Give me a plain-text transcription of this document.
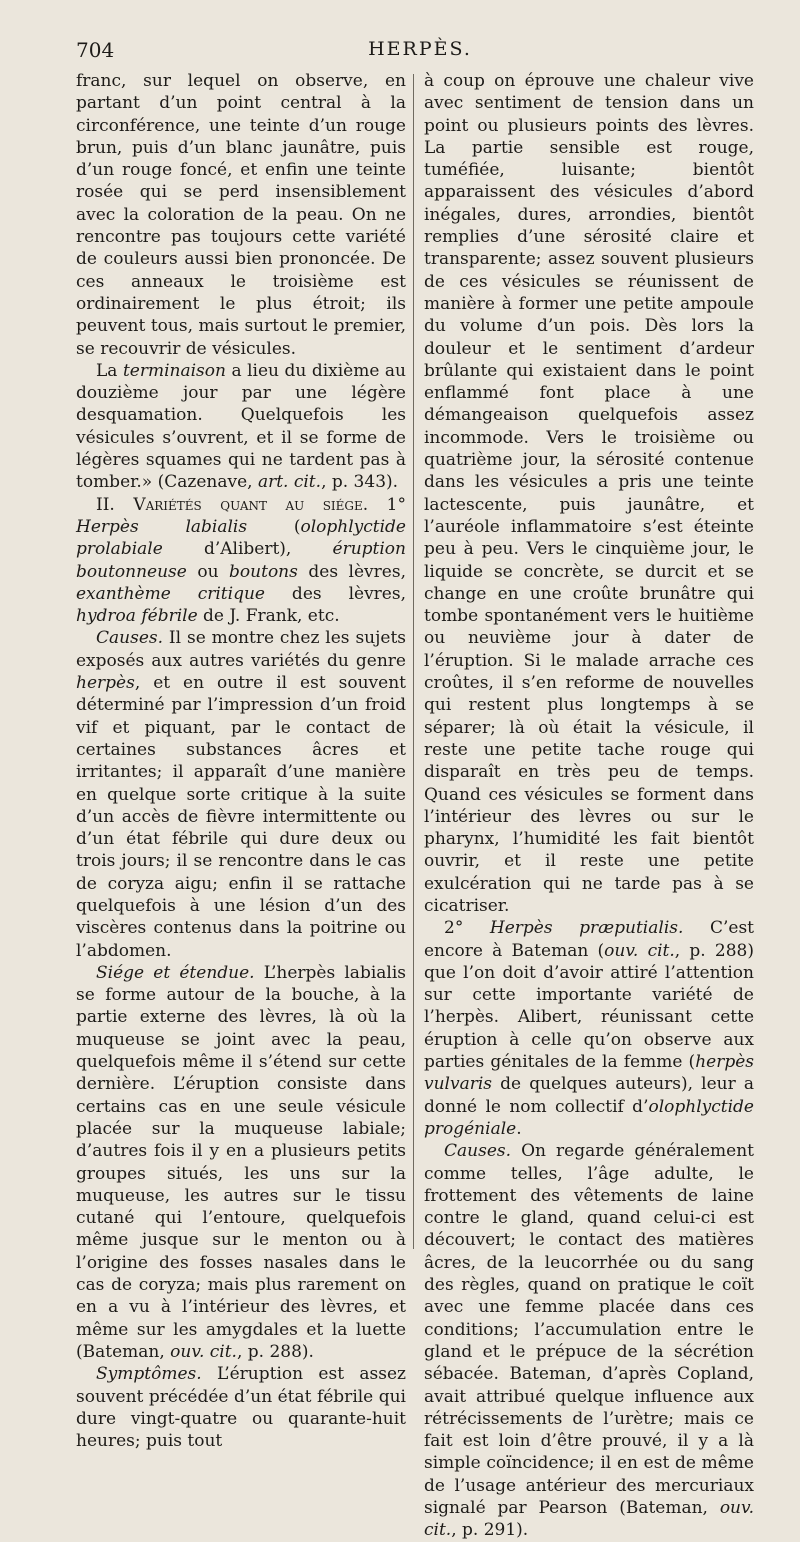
704	HERPÈS.

franc, sur lequel on observe, en partant d’un point central à la circonférence, une teinte d’un rouge brun, puis d’un blanc jaunâtre, puis d’un rouge foncé, et enfin une teinte rosée qui se perd insensiblement avec la coloration de la peau. On ne rencontre pas toujours cette variété de couleurs aussi bien prononcée. De ces anneaux le troisième est ordinairement le plus étroit; ils peuvent tous, mais surtout le premier, se recouvrir de vésicules.

La terminaison a lieu du dixième au douzième jour par une légère desquamation. Quelquefois les vésicules s’ouvrent, et il se forme de légères squames qui ne tardent pas à tomber.» (Cazenave, art. cit., p. 343).

II. Variétés quant au siége. 1° Herpès labialis (olophlyctide prolabiale d’Alibert), éruption boutonneuse ou boutons des lèvres, exanthème critique des lèvres, hydroa fébrile de J. Frank, etc.

Causes. Il se montre chez les sujets exposés aux autres variétés du genre herpès, et en outre il est souvent déterminé par l’impression d’un froid vif et piquant, par le contact de certaines substances âcres et irritantes; il apparaît d’une manière en quelque sorte critique à la suite d’un accès de fièvre intermittente ou d’un état fébrile qui dure deux ou trois jours; il se rencontre dans le cas de coryza aigu; enfin il se rattache quelquefois à une lésion d’un des viscères contenus dans la poitrine ou l’abdomen.

Siége et étendue. L’herpès labialis se forme autour de la bouche, à la partie externe des lèvres, là où la muqueuse se joint avec la peau, quelquefois même il s’étend sur cette dernière. L’éruption consiste dans certains cas en une seule vésicule placée sur la muqueuse labiale; d’autres fois il y en a plusieurs petits groupes situés, les uns sur la muqueuse, les autres sur le tissu cutané qui l’entoure, quelquefois même jusque sur le menton ou à l’origine des fosses nasales dans le cas de coryza; mais plus rarement on en a vu à l’intérieur des lèvres, et même sur les amygdales et la luette (Bateman, ouv. cit., p. 288).

Symptômes. L’éruption est assez souvent précédée d’un état fébrile qui dure vingt-quatre ou quarante-huit heures; puis tout

à coup on éprouve une chaleur vive avec sentiment de tension dans un point ou plusieurs points des lèvres. La partie sensible est rouge, tuméfiée, luisante; bientôt apparaissent des vésicules d’abord inégales, dures, arrondies, bientôt remplies d’une sérosité claire et transparente; assez souvent plusieurs de ces vésicules se réunissent de manière à former une petite ampoule du volume d’un pois. Dès lors la douleur et le sentiment d’ardeur brûlante qui existaient dans le point enflammé font place à une démangeaison quelquefois assez incommode. Vers le troisième ou quatrième jour, la sérosité contenue dans les vésicules a pris une teinte lactescente, puis jaunâtre, et l’auréole inflammatoire s’est éteinte peu à peu. Vers le cinquième jour, le liquide se concrète, se durcit et se change en une croûte brunâtre qui tombe spontanément vers le huitième ou neuvième jour à dater de l’éruption. Si le malade arrache ces croûtes, il s’en reforme de nouvelles qui restent plus longtemps à se séparer; là où était la vésicule, il reste une petite tache rouge qui disparaît en très peu de temps. Quand ces vésicules se forment dans l’intérieur des lèvres ou sur le pharynx, l’humidité les fait bientôt ouvrir, et il reste une petite exulcération qui ne tarde pas à se cicatriser.

2° Herpès præputialis. C’est encore à Bateman (ouv. cit., p. 288) que l’on doit d’avoir attiré l’attention sur cette importante variété de l’herpès. Alibert, réunissant cette éruption à celle qu’on observe aux parties génitales de la femme (herpès vulvaris de quelques auteurs), leur a donné le nom collectif d’olophlyctide progéniale.

Causes. On regarde généralement comme telles, l’âge adulte, le frottement des vêtements de laine contre le gland, quand celui-ci est découvert; le contact des matières âcres, de la leucorrhée ou du sang des règles, quand on pratique le coït avec une femme placée dans ces conditions; l’accumulation entre le gland et le prépuce de la sécrétion sébacée. Bateman, d’après Copland, avait attribué quelque influence aux rétrécissements de l’urètre; mais ce fait est loin d’être prouvé, il y a là simple coïncidence; il en est de même de l’usage antérieur des mercuriaux signalé par Pearson (Bateman, ouv. cit., p. 291).
